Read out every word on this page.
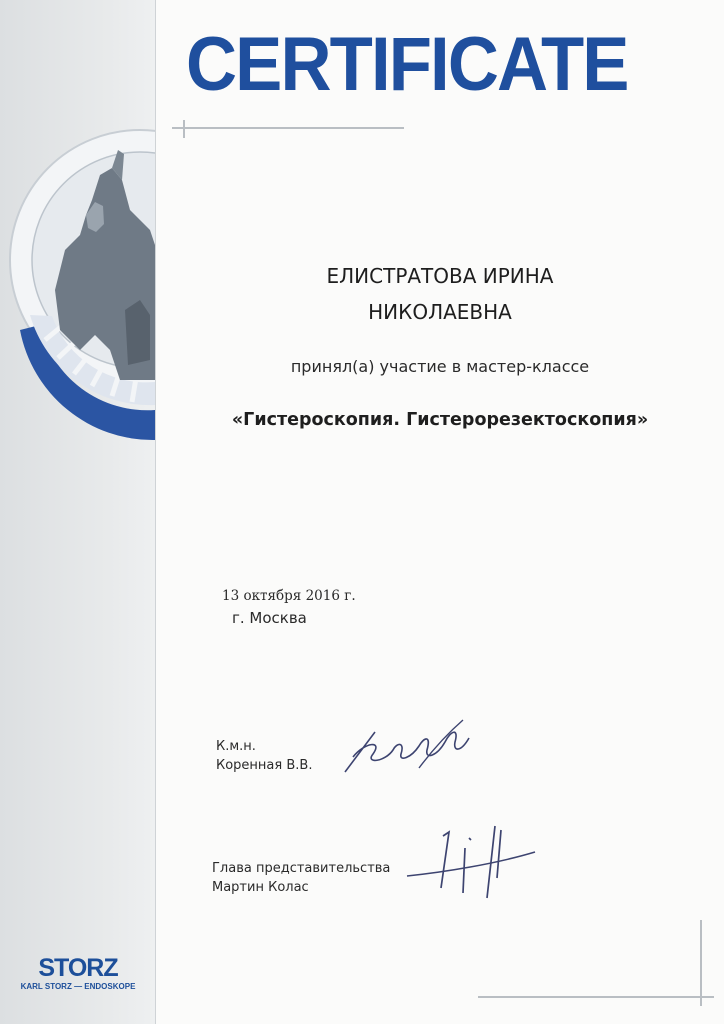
STORZ
KARL STORZ — ENDOSKOPE
CERTIFICATE
ЕЛИСТРАТОВА ИРИНА
НИКОЛАЕВНА
принял(а) участие в мастер-классе
«Гистероскопия. Гистерорезектоскопия»
13 октября 2016 г.
г. Москва
К.м.н.
Коренная В.В.
Глава представительства
Мартин Колас
